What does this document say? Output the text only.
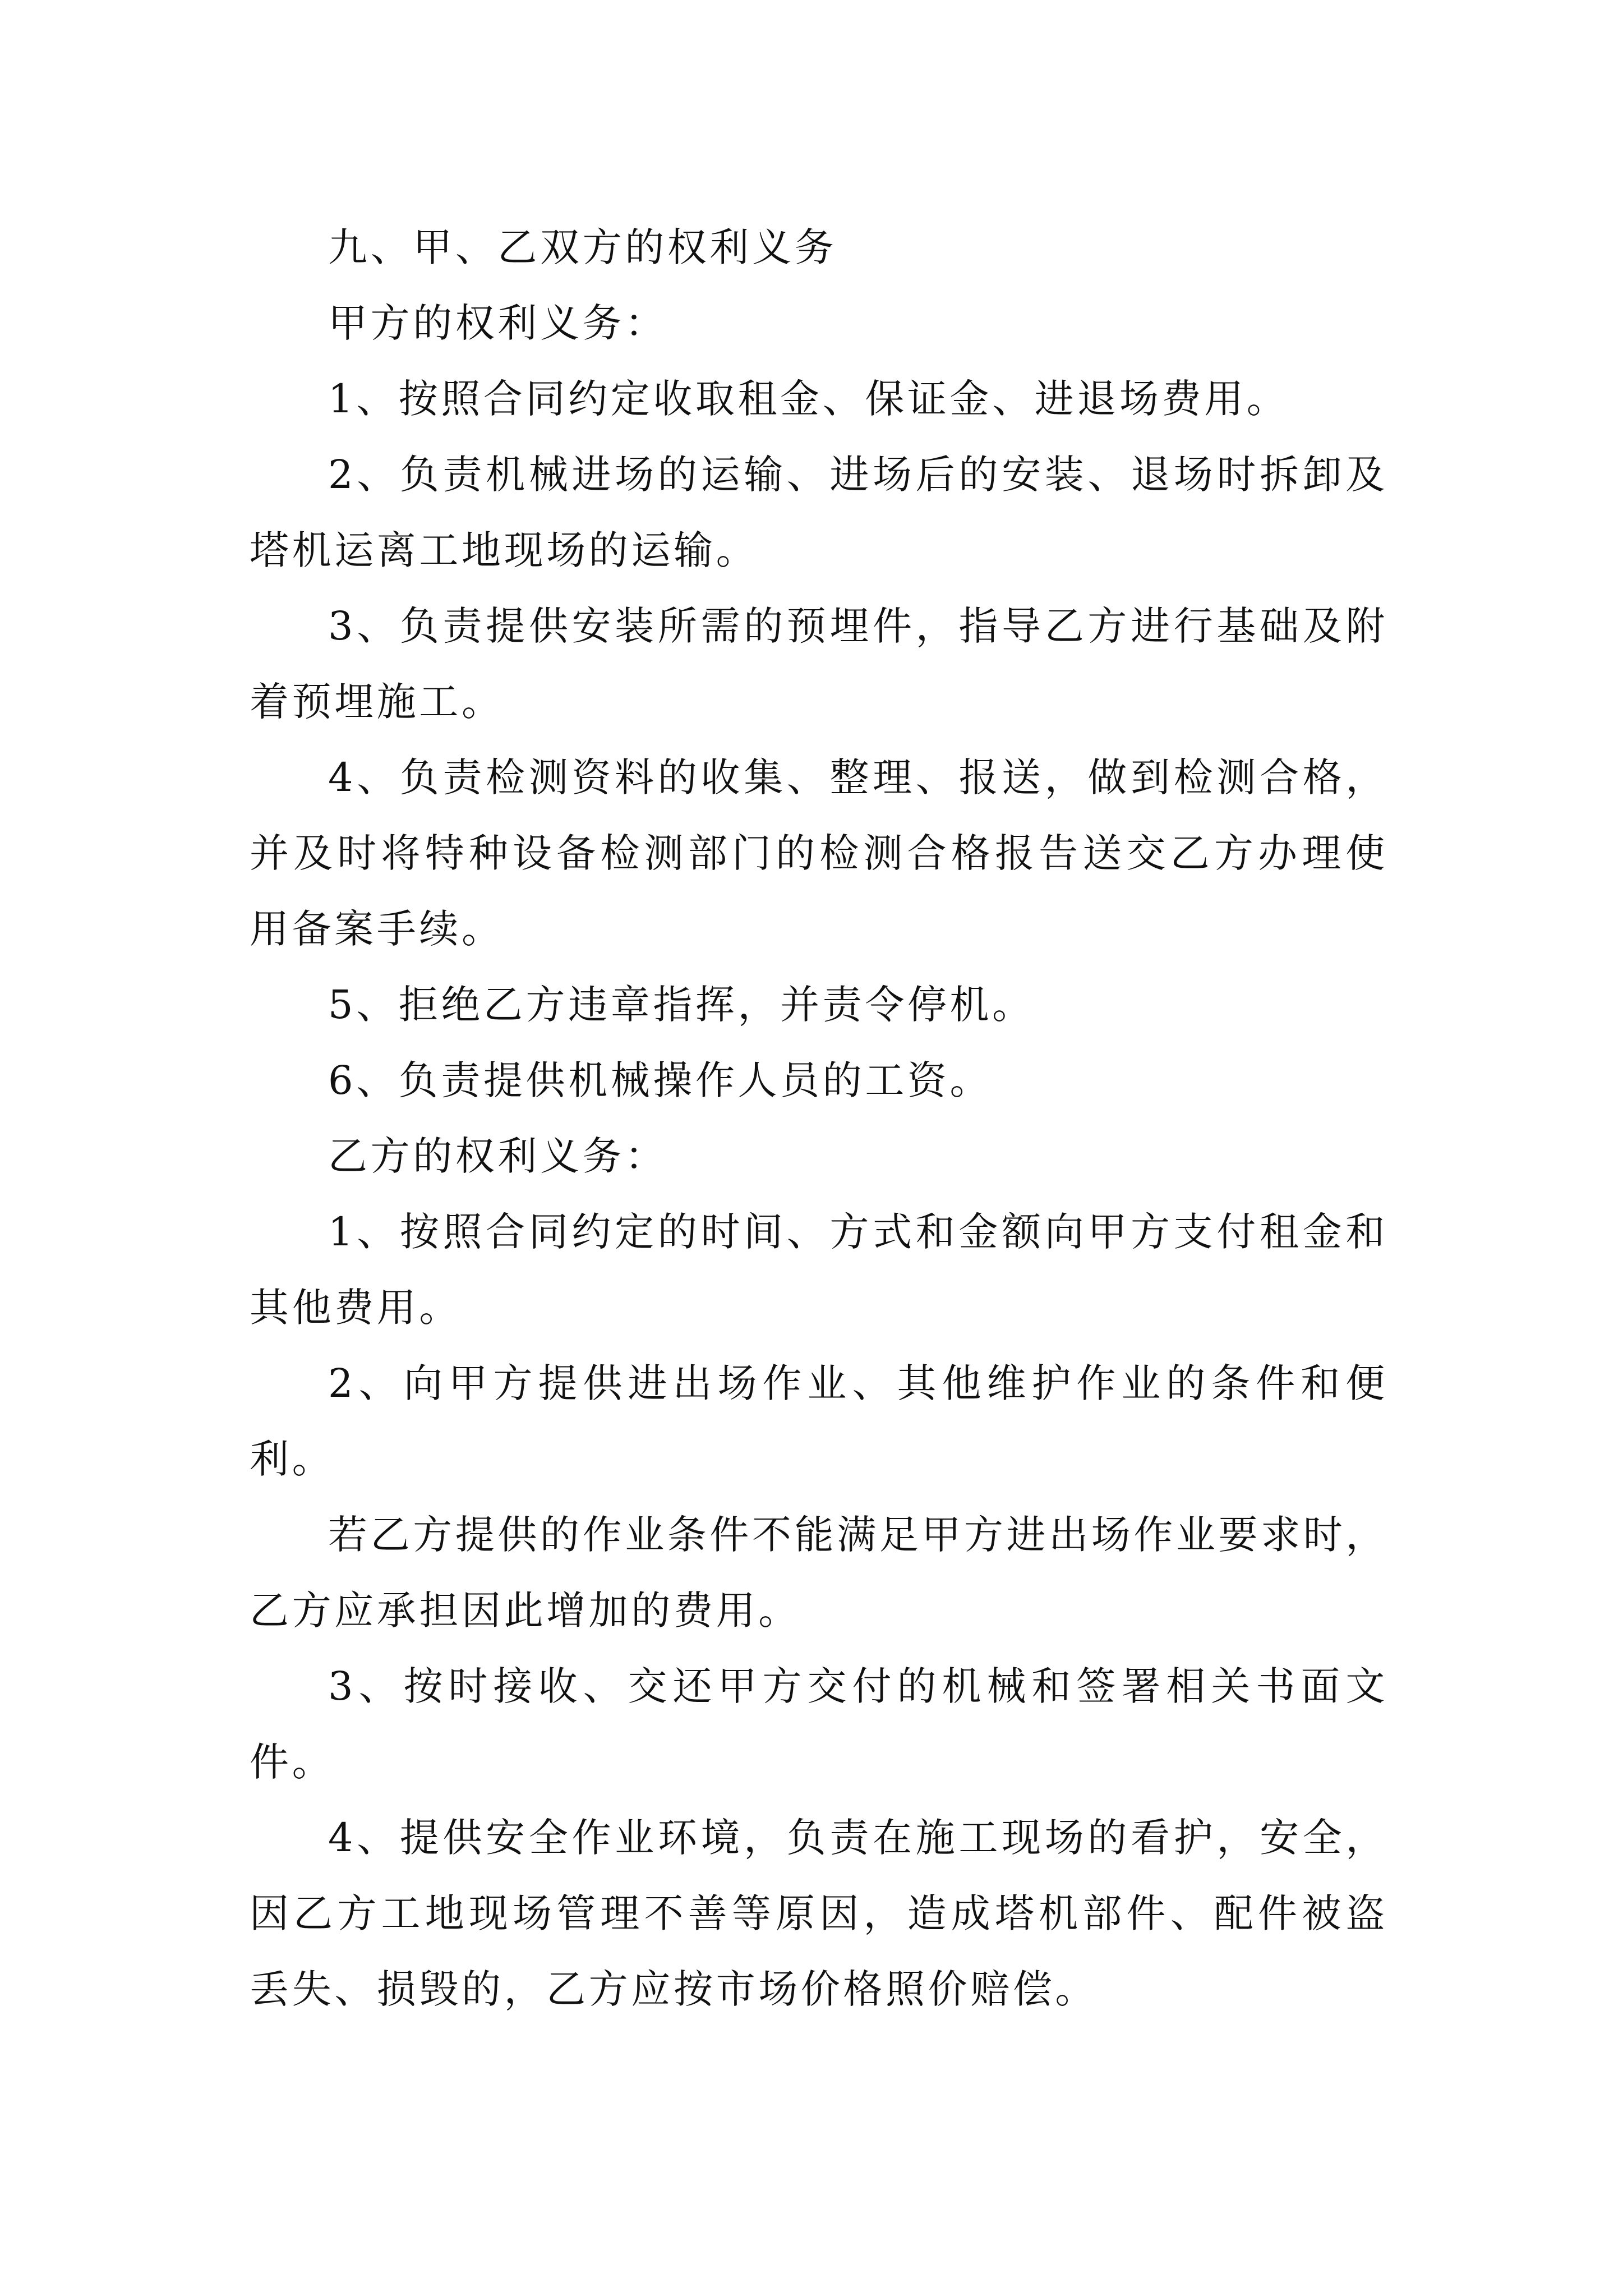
九、甲、乙双方的权利义务

甲方的权利义务：

1、按照合同约定收取租金、保证金、进退场费用。

2、负责机械进场的运输、进场后的安装、退场时拆卸及塔机运离工地现场的运输。

3、负责提供安装所需的预埋件，指导乙方进行基础及附着预埋施工。

4、负责检测资料的收集、整理、报送，做到检测合格，并及时将特种设备检测部门的检测合格报告送交乙方办理使用备案手续。

5、拒绝乙方违章指挥，并责令停机。

6、负责提供机械操作人员的工资。

乙方的权利义务：

1、按照合同约定的时间、方式和金额向甲方支付租金和其他费用。

2、向甲方提供进出场作业、其他维护作业的条件和便利。

若乙方提供的作业条件不能满足甲方进出场作业要求时，乙方应承担因此增加的费用。

3、按时接收、交还甲方交付的机械和签署相关书面文件。

4、提供安全作业环境，负责在施工现场的看护，安全，因乙方工地现场管理不善等原因，造成塔机部件、配件被盗丢失、损毁的，乙方应按市场价格照价赔偿。
